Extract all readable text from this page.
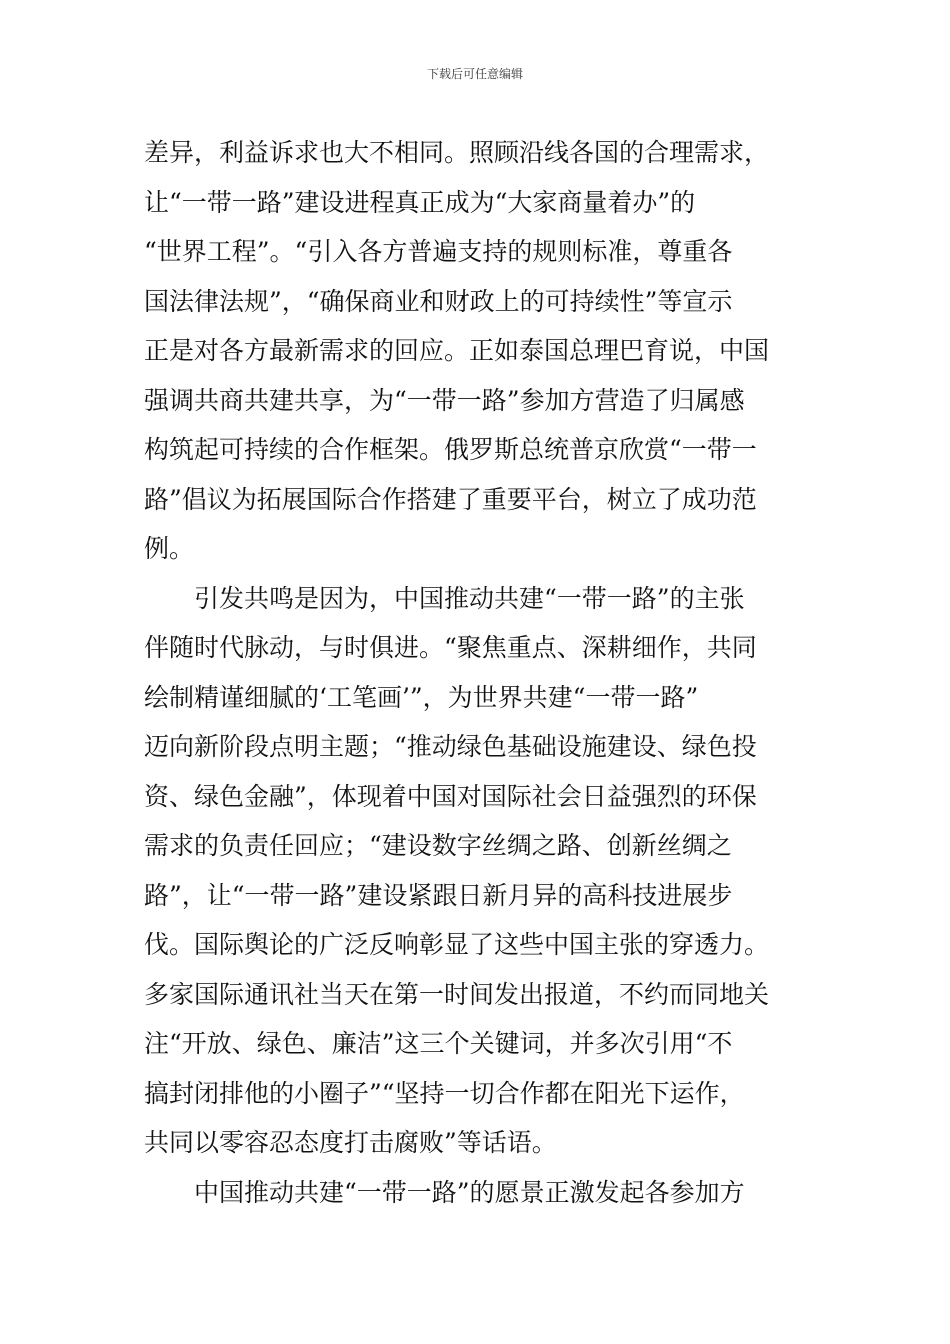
下载后可任意编辑
差异，利益诉求也大不相同。照顾沿线各国的合理需求，
让“一带一路”建设进程真正成为“大家商量着办”的
“世界工程”。“引入各方普遍支持的规则标准，尊重各
国法律法规”，“确保商业和财政上的可持续性”等宣示
正是对各方最新需求的回应。正如泰国总理巴育说，中国
强调共商共建共享，为“一带一路”参加方营造了归属感
构筑起可持续的合作框架。俄罗斯总统普京欣赏“一带一
路”倡议为拓展国际合作搭建了重要平台，树立了成功范
例。
引发共鸣是因为，中国推动共建“一带一路”的主张
伴随时代脉动，与时俱进。“聚焦重点、深耕细作，共同
绘制精谨细腻的‘工笔画’”，为世界共建“一带一路”
迈向新阶段点明主题；“推动绿色基础设施建设、绿色投
资、绿色金融”，体现着中国对国际社会日益强烈的环保
需求的负责任回应；“建设数字丝绸之路、创新丝绸之
路”，让“一带一路”建设紧跟日新月异的高科技进展步
伐。国际舆论的广泛反响彰显了这些中国主张的穿透力。
多家国际通讯社当天在第一时间发出报道，不约而同地关
注“开放、绿色、廉洁”这三个关键词，并多次引用“不
搞封闭排他的小圈子”“坚持一切合作都在阳光下运作，
共同以零容忍态度打击腐败”等话语。
中国推动共建“一带一路”的愿景正激发起各参加方
